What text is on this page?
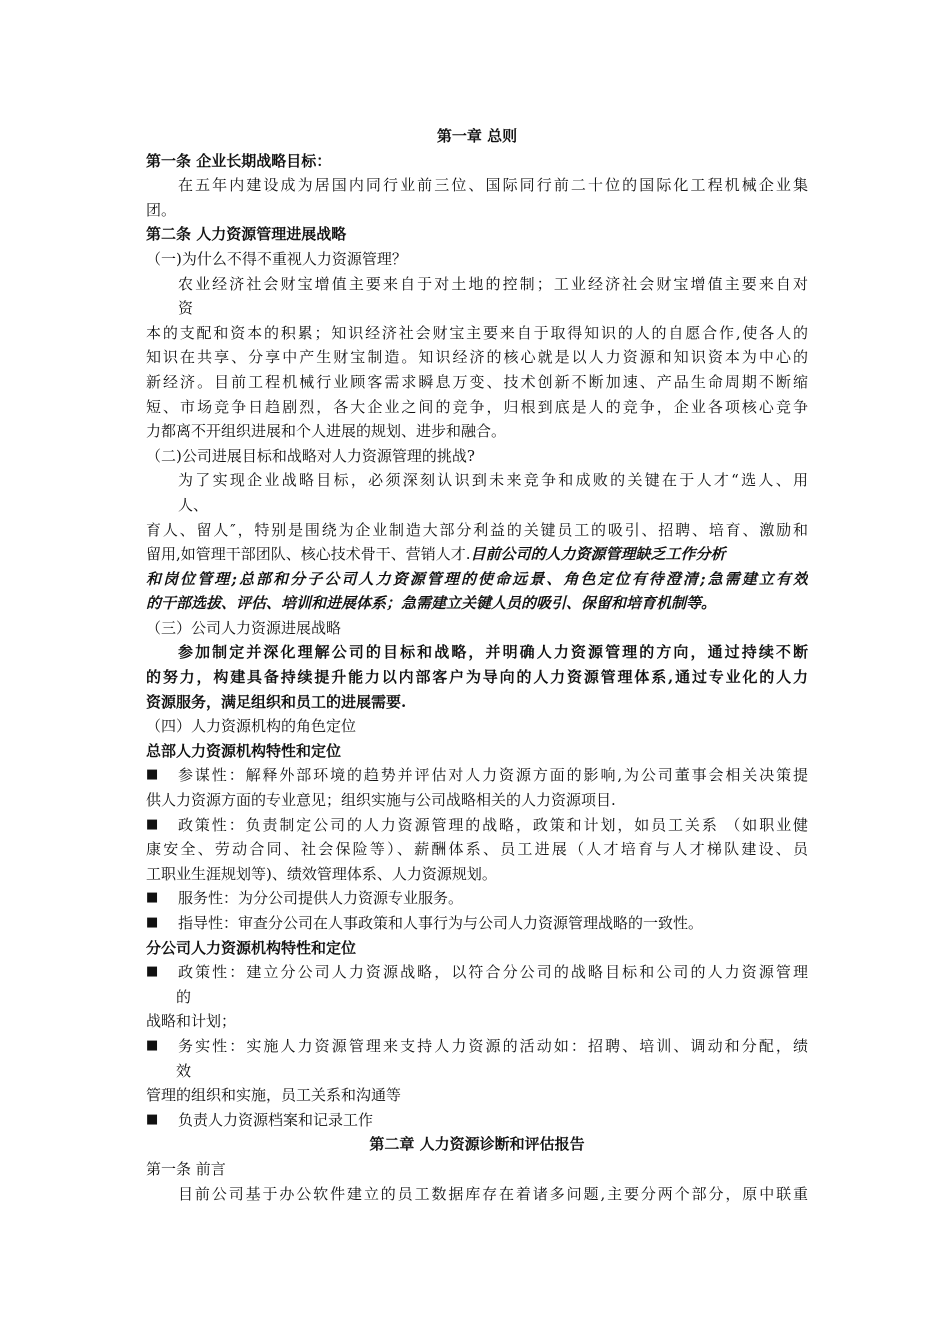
第一章 总则
第一条 企业长期战略目标：
在五年内建设成为居国内同行业前三位、国际同行前二十位的国际化工程机械企业集
团。
第二条 人力资源管理进展战略
（一)为什么不得不重视人力资源管理？
农业经济社会财宝增值主要来自于对土地的控制；工业经济社会财宝增值主要来自对
资
本的支配和资本的积累；知识经济社会财宝主要来自于取得知识的人的自愿合作,使各人的
知识在共享、分享中产生财宝制造。知识经济的核心就是以人力资源和知识资本为中心的
新经济。目前工程机械行业顾客需求瞬息万变、技术创新不断加速、产品生命周期不断缩
短、市场竞争日趋剧烈，各大企业之间的竞争，归根到底是人的竞争，企业各项核心竞争
力都离不开组织进展和个人进展的规划、进步和融合。
（二)公司进展目标和战略对人力资源管理的挑战?
为了实现企业战略目标，必须深刻认识到未来竞争和成败的关键在于人才“选人、用
人、
育人、留人″，特别是围绕为企业制造大部分利益的关键员工的吸引、招聘、培育、激励和
留用,如管理干部团队、核心技术骨干、营销人才.目前公司的人力资源管理缺乏工作分析
和岗位管理;总部和分子公司人力资源管理的使命远景、角色定位有待澄清;急需建立有效
的干部选拔、评估、培训和进展体系；急需建立关键人员的吸引、保留和培育机制等。
（三）公司人力资源进展战略
参加制定并深化理解公司的目标和战略，并明确人力资源管理的方向，通过持续不断
的努力，构建具备持续提升能力以内部客户为导向的人力资源管理体系,通过专业化的人力
资源服务，满足组织和员工的进展需要.
（四）人力资源机构的角色定位
总部人力资源机构特性和定位
■	参谋性：解释外部环境的趋势并评估对人力资源方面的影响,为公司董事会相关决策提
供人力资源方面的专业意见；组织实施与公司战略相关的人力资源项目.
■	政策性：负责制定公司的人力资源管理的战略，政策和计划，如员工关系 （如职业健
康安全、劳动合同、社会保险等）、薪酬体系、员工进展（人才培育与人才梯队建设、员
工职业生涯规划等)、绩效管理体系、人力资源规划。
■	服务性：为分公司提供人力资源专业服务。
■	指导性：审查分公司在人事政策和人事行为与公司人力资源管理战略的一致性。
分公司人力资源机构特性和定位
■	政策性：建立分公司人力资源战略，以符合分公司的战略目标和公司的人力资源管理
的
战略和计划；
■	务实性：实施人力资源管理来支持人力资源的活动如：招聘、培训、调动和分配，绩
效
管理的组织和实施，员工关系和沟通等
■	负责人力资源档案和记录工作
第二章 人力资源诊断和评估报告
第一条 前言
目前公司基于办公软件建立的员工数据库存在着诸多问题,主要分两个部分，原中联重
